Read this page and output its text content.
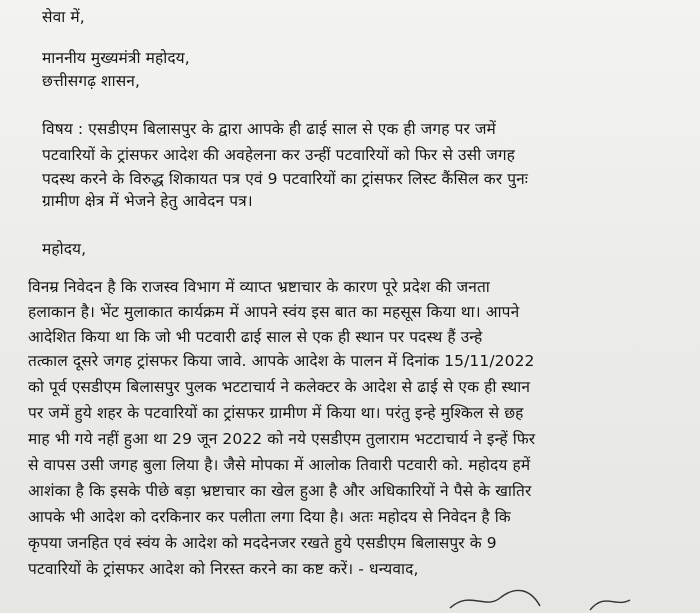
सेवा में,
माननीय मुख्यमंत्री महोदय,
छत्तीसगढ़ शासन,
विषय : एसडीएम बिलासपुर के द्वारा आपके ही ढाई साल से एक ही जगह पर जमें
पटवारियों के ट्रांसफर आदेश की अवहेलना कर उन्हीं पटवारियों को फिर से उसी जगह
पदस्थ करने के विरुद्ध शिकायत पत्र एवं 9 पटवारियों का ट्रांसफर लिस्ट कैंसिल कर पुनः
ग्रामीण क्षेत्र में भेजने हेतु आवेदन पत्र।
महोदय,
विनम्र निवेदन है कि राजस्व विभाग में व्याप्त भ्रष्टाचार के कारण पूरे प्रदेश की जनता
हलाकान है। भेंट मुलाकात कार्यक्रम में आपने स्वंय इस बात का महसूस किया था। आपने
आदेशित किया था कि जो भी पटवारी ढाई साल से एक ही स्थान पर पदस्थ हैं उन्हे
तत्काल दूसरे जगह ट्रांसफर किया जावे. आपके आदेश के पालन में दिनांक 15/11/2022
को पूर्व एसडीएम बिलासपुर पुलक भटटाचार्य ने कलेक्टर के आदेश से ढाई से एक ही स्थान
पर जमें हुये शहर के पटवारियों का ट्रांसफर ग्रामीण में किया था। परंतु इन्हे मुश्किल से छह
माह भी गये नहीं हुआ था 29 जून 2022 को नये एसडीएम तुलाराम भटटाचार्य ने इन्हें फिर
से वापस उसी जगह बुला लिया है। जैसे मोपका में आलोक तिवारी पटवारी को. महोदय हमें
आशंका है कि इसके पीछे बड़ा भ्रष्टाचार का खेल हुआ है और अधिकारियों ने पैसे के खातिर
आपके भी आदेश को दरकिनार कर पलीता लगा दिया है। अतः महोदय से निवेदन है कि
कृपया जनहित एवं स्वंय के आदेश को मददेनजर रखते हुये एसडीएम बिलासपुर के 9
पटवारियों के ट्रांसफर आदेश को निरस्त करने का कष्ट करें। - धन्यवाद,
